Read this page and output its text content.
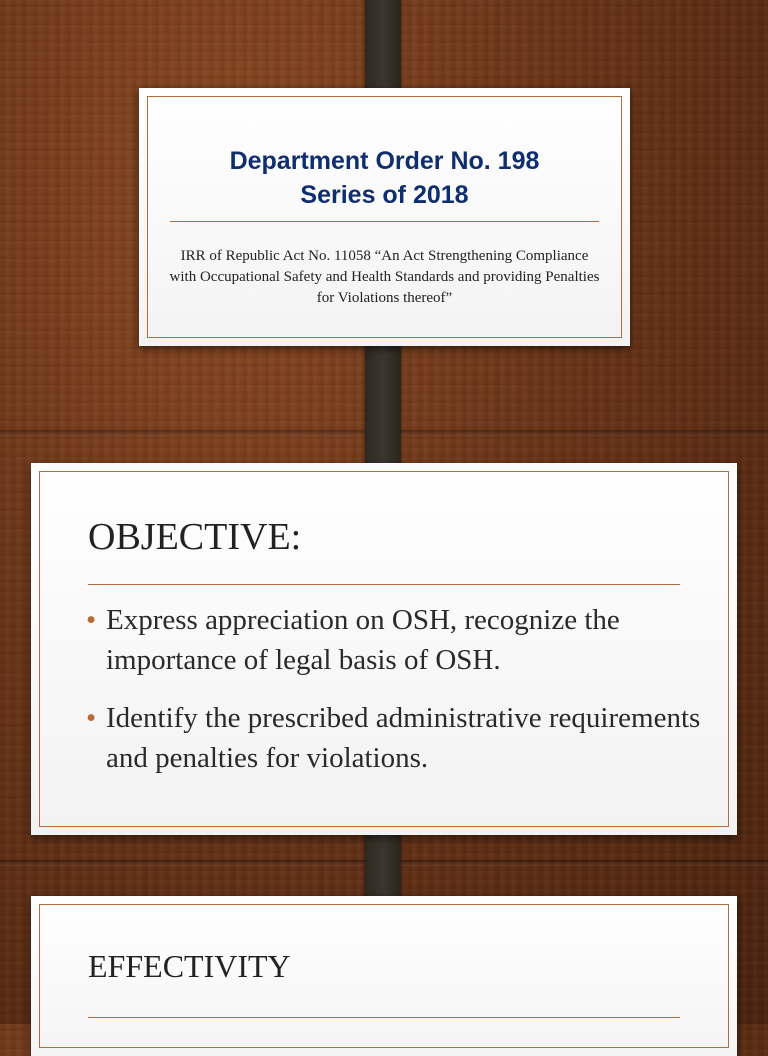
Department Order No. 198
Series of 2018
IRR of Republic Act No. 11058 “An Act Strengthening Compliance with Occupational Safety and Health Standards and providing Penalties for Violations thereof”
OBJECTIVE:
• Express appreciation on OSH, recognize the importance of legal basis of OSH.
• Identify the prescribed administrative requirements and penalties for violations.
EFFECTIVITY
